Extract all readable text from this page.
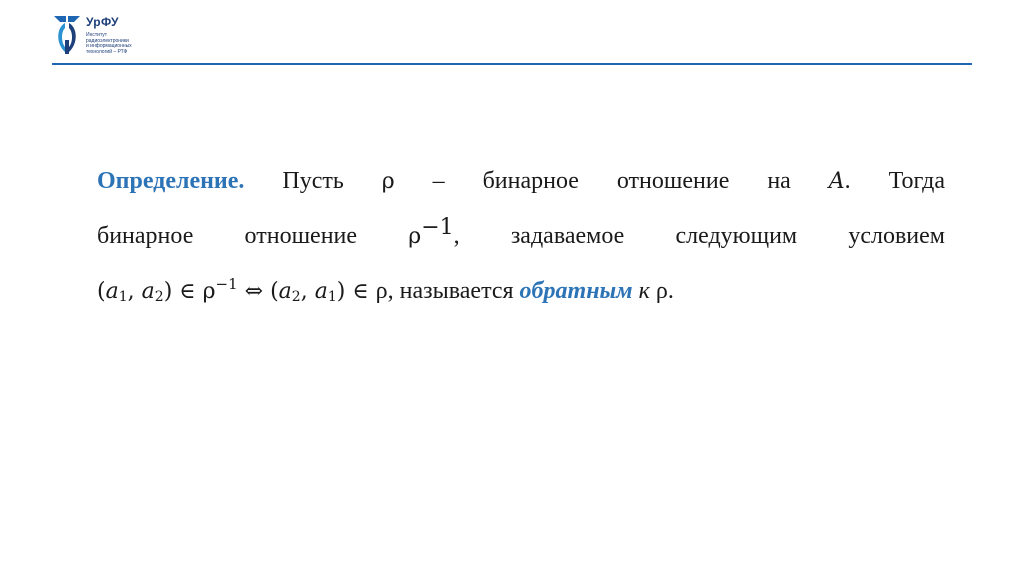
УрФУ
Институт
радиоэлектроники
и информационных
технологий – РТФ
Определение. Пусть ρ – бинарное отношение на A. Тогда
бинарное отношение $\rho^{-1}$, задаваемое следующим условием
($a_1$, $a_2$) ∈ $\rho^{-1}$ ⇔ ($a_2$, $a_1$) ∈ ρ, называется обратным к ρ.
